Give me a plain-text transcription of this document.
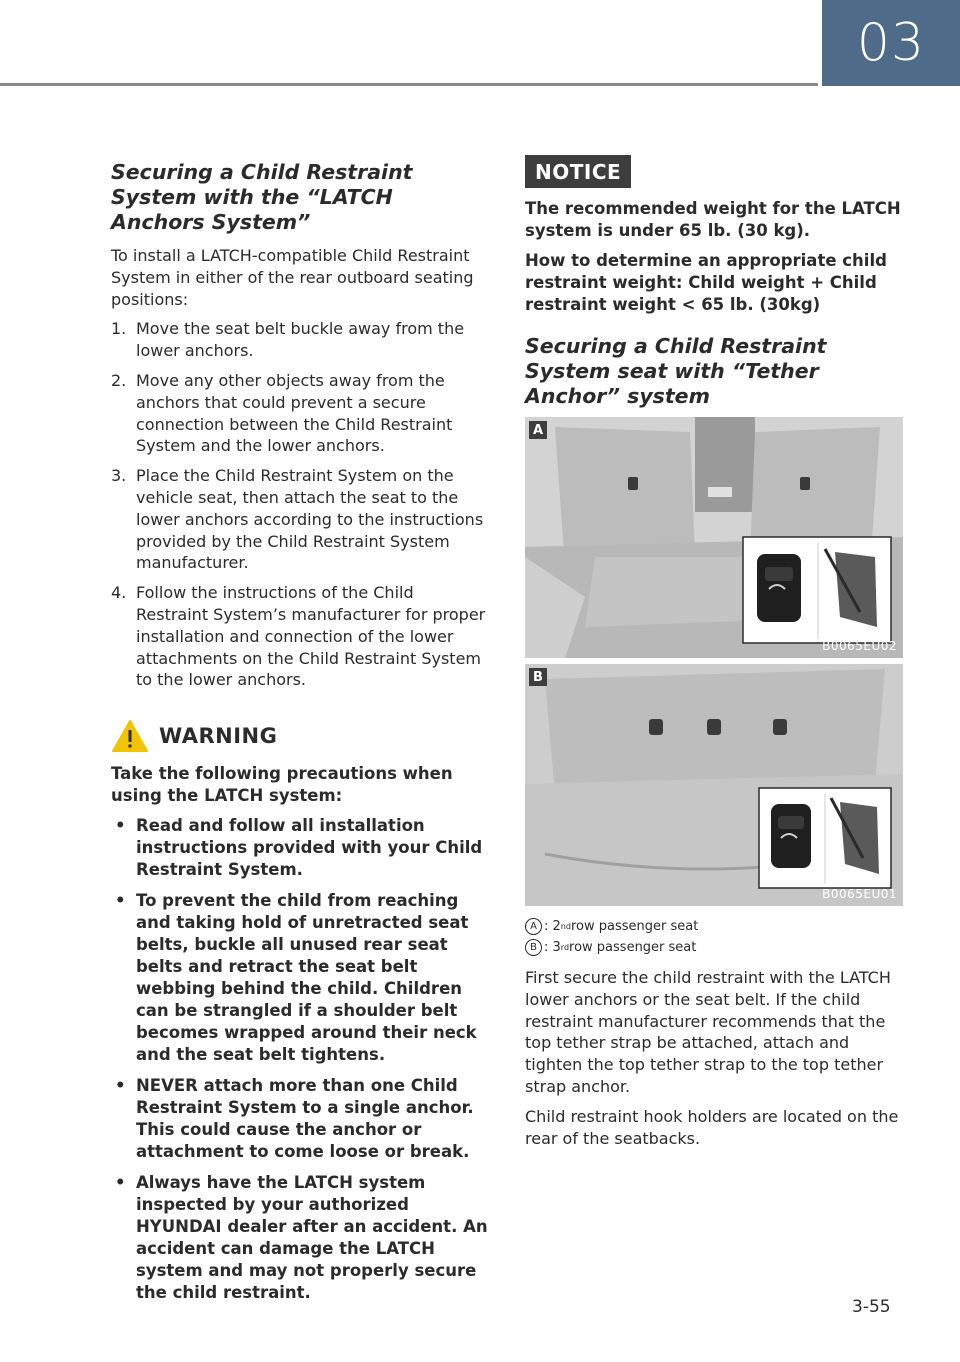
03
Securing a Child Restraint System with the “LATCH Anchors System”

To install a LATCH-compatible Child Restraint System in either of the rear outboard seating positions:

1. Move the seat belt buckle away from the lower anchors.
2. Move any other objects away from the anchors that could prevent a secure connection between the Child Restraint System and the lower anchors.
3. Place the Child Restraint System on the vehicle seat, then attach the seat to the lower anchors according to the instructions provided by the Child Restraint System manufacturer.
4. Follow the instructions of the Child Restraint System’s manufacturer for proper installation and connection of the lower attachments on the Child Restraint System to the lower anchors.
WARNING

Take the following precautions when using the LATCH system:

• Read and follow all installation instructions provided with your Child Restraint System.
• To prevent the child from reaching and taking hold of unretracted seat belts, buckle all unused rear seat belts and retract the seat belt webbing behind the child. Children can be strangled if a shoulder belt becomes wrapped around their neck and the seat belt tightens.
• NEVER attach more than one Child Restraint System to a single anchor. This could cause the anchor or attachment to come loose or break.
• Always have the LATCH system inspected by your authorized HYUNDAI dealer after an accident. An accident can damage the LATCH system and may not properly secure the child restraint.
NOTICE

The recommended weight for the LATCH system is under 65 lb. (30 kg).

How to determine an appropriate child restraint weight: Child weight + Child restraint weight < 65 lb. (30kg)

Securing a Child Restraint System seat with “Tether Anchor” system
A
B0065EU02
B
B0065EU01
A : 2 nd row passenger seat
B : 3 rd row passenger seat

First secure the child restraint with the LATCH lower anchors or the seat belt. If the child restraint manufacturer recommends that the top tether strap be attached, attach and tighten the top tether strap to the top tether strap anchor.

Child restraint hook holders are located on the rear of the seatbacks.

3-55
